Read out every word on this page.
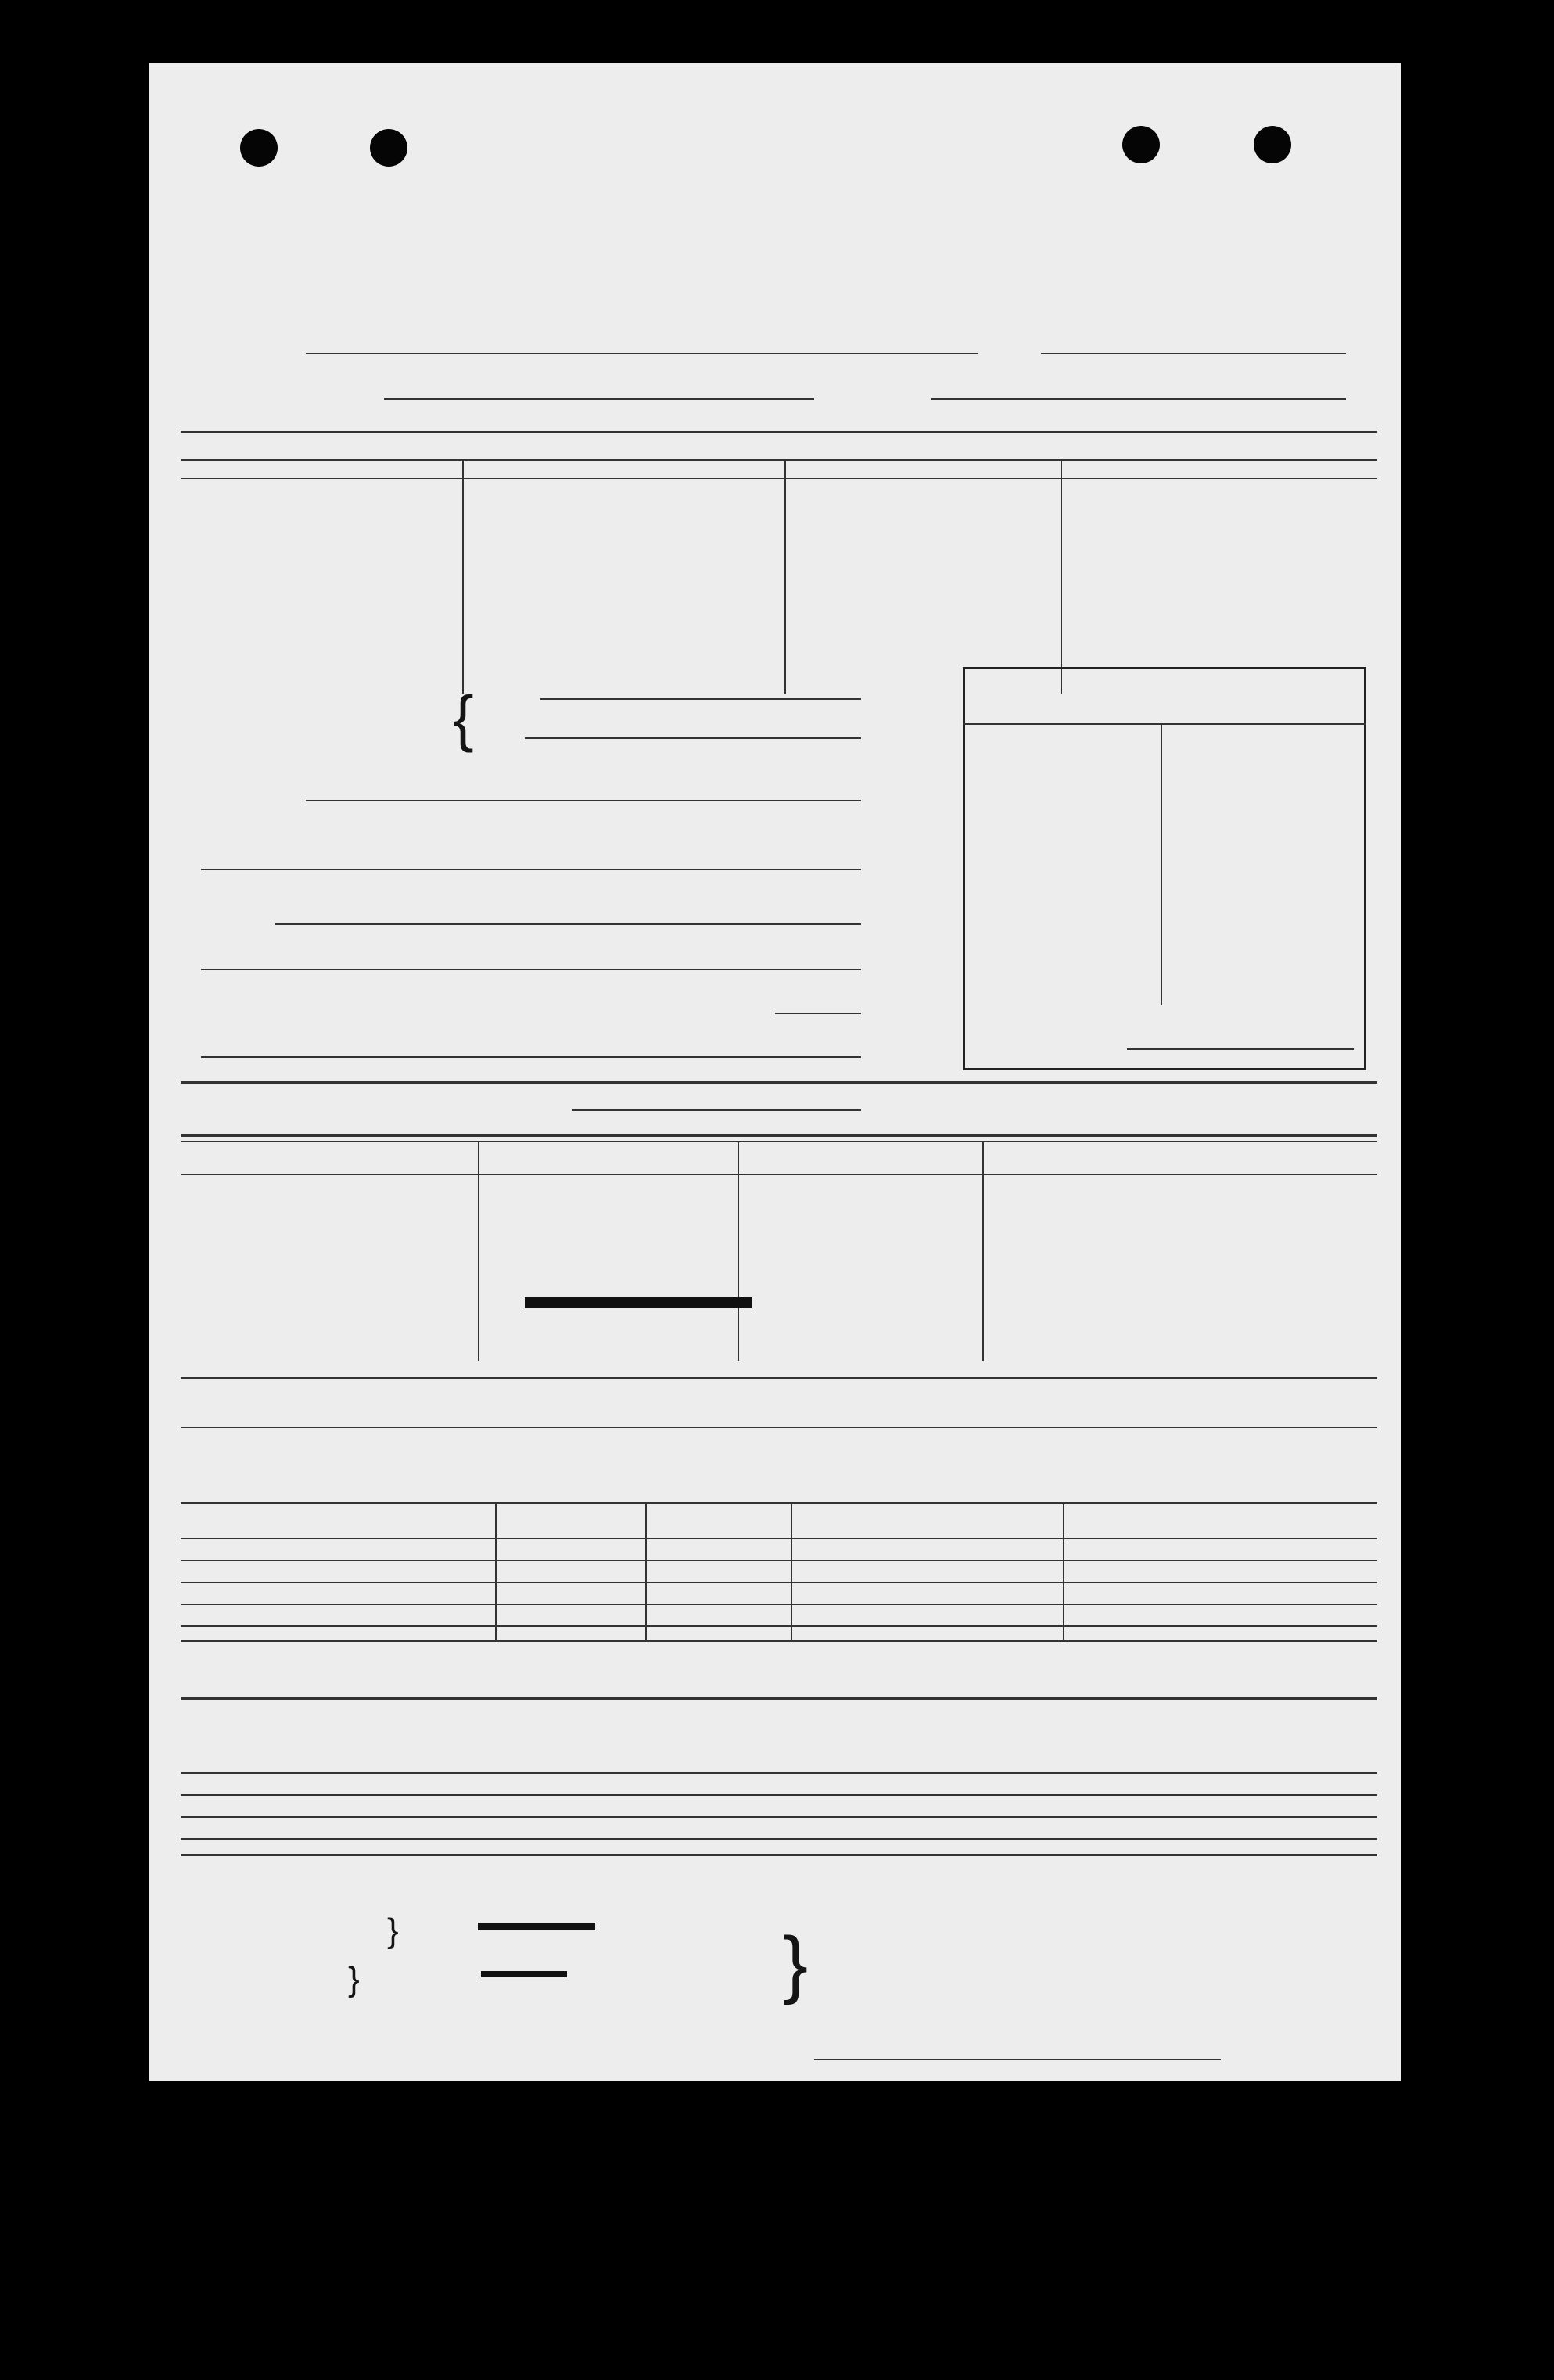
{
}
}	}
